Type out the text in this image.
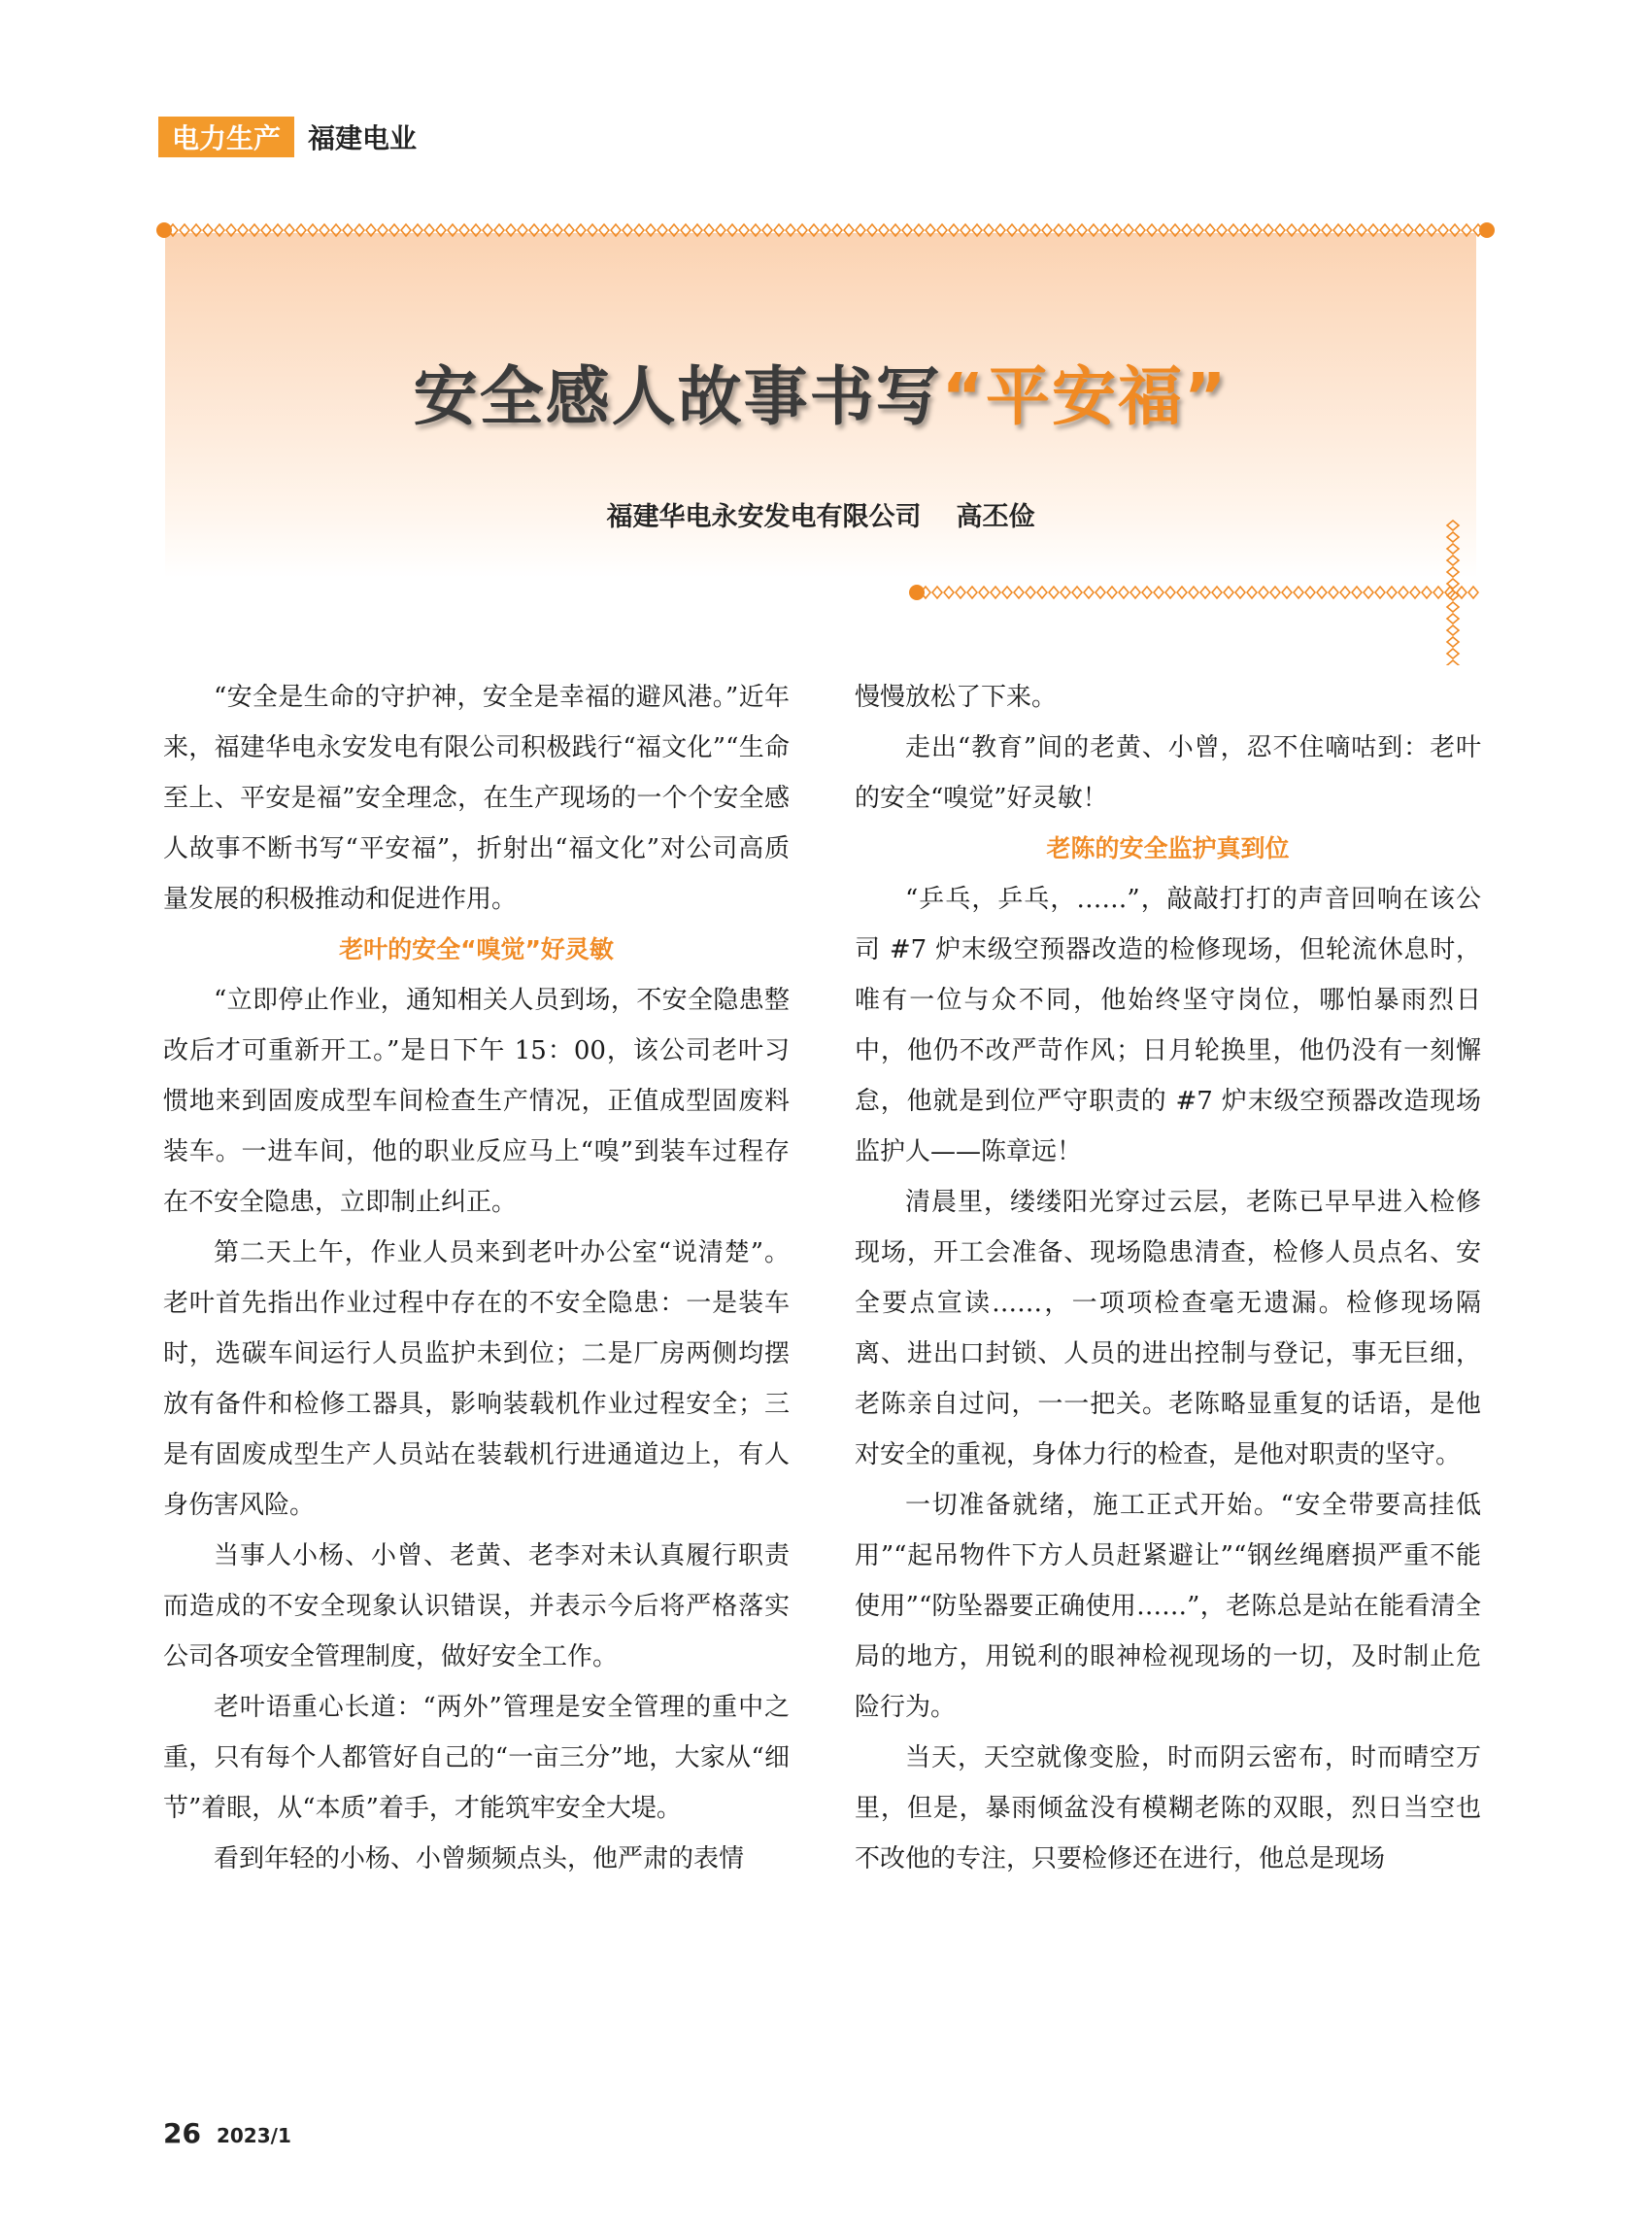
电力生产	福建电业
安全感人故事书写“平安福”
福建华电永安发电有限公司 高丕俭

“安全是生命的守护神，安全是幸福的避风港。”近年来，福建华电永安发电有限公司积极践行“福文化”“生命至上、平安是福”安全理念，在生产现场的一个个安全感人故事不断书写“平安福”，折射出“福文化”对公司高质量发展的积极推动和促进作用。

老叶的安全“嗅觉”好灵敏

“立即停止作业，通知相关人员到场，不安全隐患整改后才可重新开工。”是日下午 15：00，该公司老叶习惯地来到固废成型车间检查生产情况，正值成型固废料装车。一进车间，他的职业反应马上“嗅”到装车过程存在不安全隐患，立即制止纠正。

第二天上午，作业人员来到老叶办公室“说清楚”。老叶首先指出作业过程中存在的不安全隐患：一是装车时，选碳车间运行人员监护未到位；二是厂房两侧均摆放有备件和检修工器具，影响装载机作业过程安全；三是有固废成型生产人员站在装载机行进通道边上，有人身伤害风险。

当事人小杨、小曾、老黄、老李对未认真履行职责而造成的不安全现象认识错误，并表示今后将严格落实公司各项安全管理制度，做好安全工作。

老叶语重心长道：“两外”管理是安全管理的重中之重，只有每个人都管好自己的“一亩三分”地，大家从“细节”着眼，从“本质”着手，才能筑牢安全大堤。

看到年轻的小杨、小曾频频点头，他严肃的表情

慢慢放松了下来。

走出“教育”间的老黄、小曾，忍不住嘀咕到：老叶的安全“嗅觉”好灵敏！

老陈的安全监护真到位

“乒乓，乒乓，……”，敲敲打打的声音回响在该公司 #7 炉末级空预器改造的检修现场，但轮流休息时，唯有一位与众不同，他始终坚守岗位，哪怕暴雨烈日中，他仍不改严苛作风；日月轮换里，他仍没有一刻懈怠，他就是到位严守职责的 #7 炉末级空预器改造现场监护人——陈章远！

清晨里，缕缕阳光穿过云层，老陈已早早进入检修现场，开工会准备、现场隐患清查，检修人员点名、安全要点宣读……，一项项检查毫无遗漏。检修现场隔离、进出口封锁、人员的进出控制与登记，事无巨细，老陈亲自过问，一一把关。老陈略显重复的话语，是他对安全的重视，身体力行的检查，是他对职责的坚守。

一切准备就绪，施工正式开始。“安全带要高挂低用”“起吊物件下方人员赶紧避让”“钢丝绳磨损严重不能使用”“防坠器要正确使用……”，老陈总是站在能看清全局的地方，用锐利的眼神检视现场的一切，及时制止危险行为。

当天，天空就像变脸，时而阴云密布，时而晴空万里，但是，暴雨倾盆没有模糊老陈的双眼，烈日当空也不改他的专注，只要检修还在进行，他总是现场

26 2023/1
